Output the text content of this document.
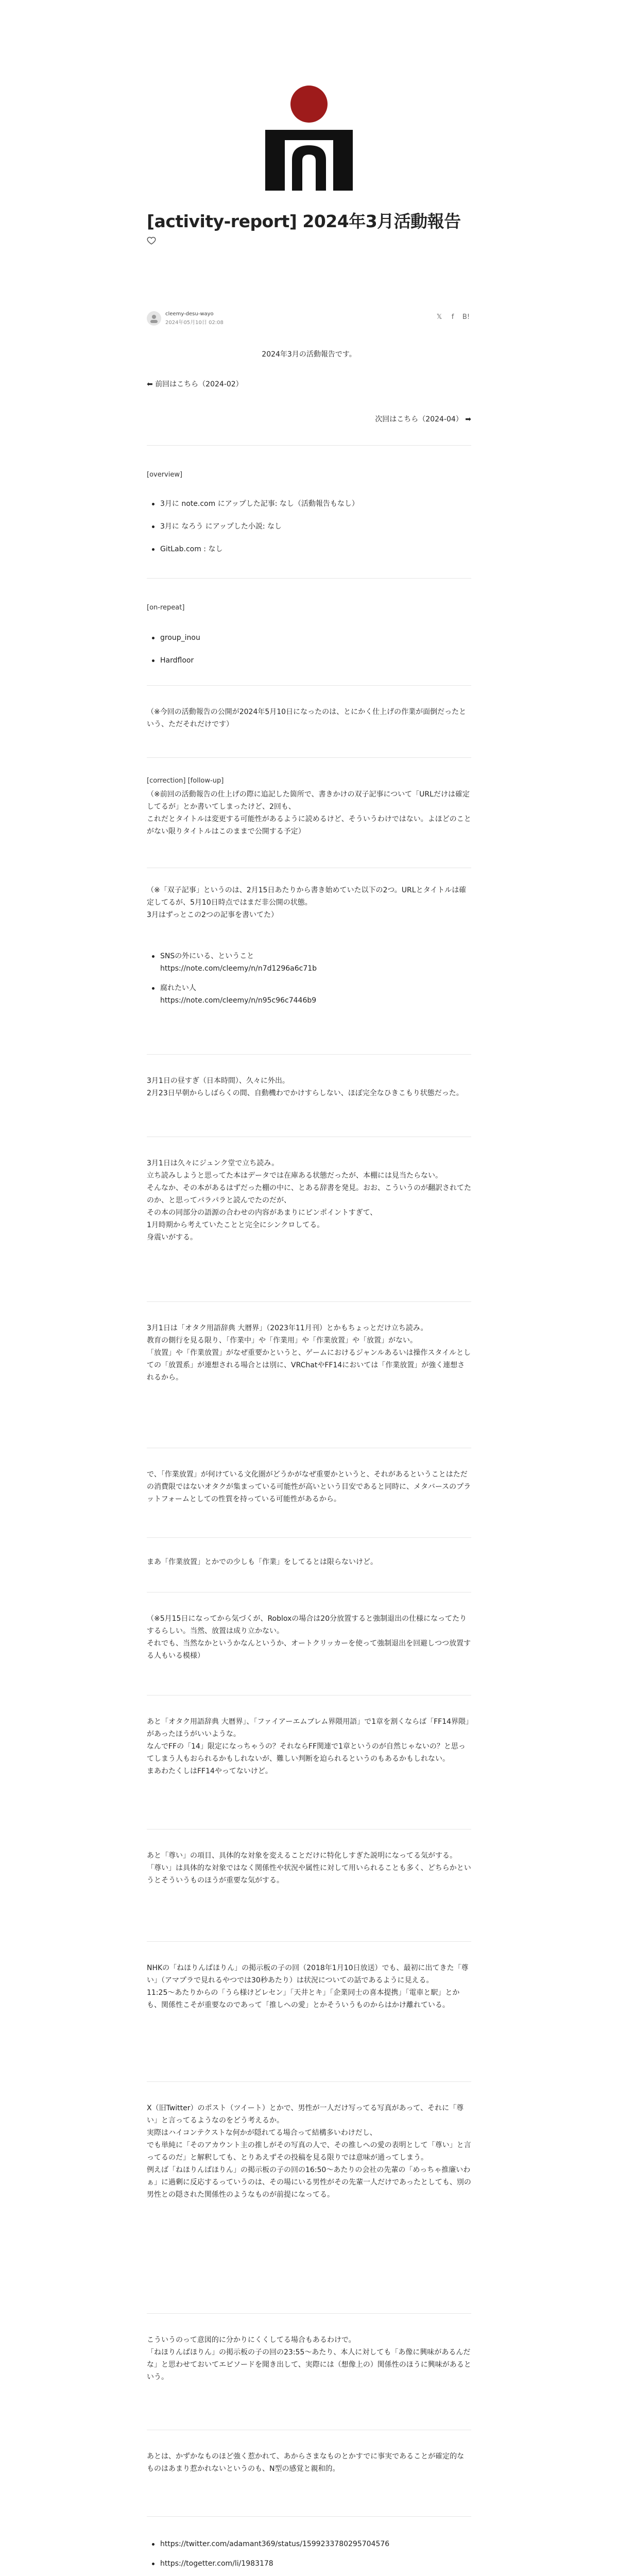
[activity-report] 2024年3月活動報告
cleemy-desu-wayo
2024年05月10日 02:08
𝕏	f	B!
2024年3月の活動報告です。
⬅ 前回はこちら（2024-02）
次回はこちら（2024-04） ➡
[overview]
3月に note.com にアップした記事: なし（活動報告もなし）
3月に なろう にアップした小説: なし
GitLab.com : なし
[on-repeat]
group_inou
Hardfloor
（※今回の活動報告の公開が2024年5月10日になったのは、とにかく仕上げの作業が面倒だったという、ただそれだけです）
[correction] [follow-up]

（※前回の活動報告の仕上げの際に追記した箇所で、書きかけの双子記事について「URLだけは確定してるが」とか書いてしまったけど、2回も、

これだとタイトルは変更する可能性があるように読めるけど、そういうわけではない。よほどのことがない限りタイトルはこのままで公開する予定）

（※「双子記事」というのは、2月15日あたりから書き始めていた以下の2つ。URLとタイトルは確定してるが、5月10日時点ではまだ非公開の状態。

3月はずっとこの2つの記事を書いてた）

SNSの外にいる、ということ
https://note.com/cleemy/n/n7d1296a6c71b
腐れたい人
https://note.com/cleemy/n/n95c96c7446b9

3月1日の昼すぎ（日本時間）、久々に外出。

2月23日早朝からしばらくの間、自動機わでかけすらしない、ほぼ完全なひきこもり状態だった。

3月1日は久々にジュンク堂で立ち読み。

立ち読みしようと思ってた本はデータでは在庫ある状態だったが、本棚には見当たらない。

そんなか、その本があるはずだった棚の中に、とある辞書を発見。おお、こういうのが翻訳されてたのか、と思ってパラパラと読んでたのだが、

その本の同部分の語源の合わせの内容があまりにピンポイントすぎて、

1月時期から考えていたことと完全にシンクロしてる。

身震いがする。

3月1日は「オタク用語辞典 大暦界」（2023年11月刊）とかもちょっとだけ立ち読み。

教育の側行を見る限り、「作業中」や「作業用」や「作業放置」や「放置」がない。

「放置」や「作業放置」がなぜ重要かというと、ゲームにおけるジャンルあるいは操作スタイルとしての「放置系」が連想される場合とは別に、VRChatやFF14においては「作業放置」が強く連想されるから。

で、「作業放置」が何けている文化圏がどうかがなぜ重要かというと、それがあるということはただの消費限ではないオタクが集まっている可能性が高いという目安であると同時に、メタバースのプラットフォームとしての性質を持っている可能性があるから。
まあ「作業放置」とかでの少しも「作業」をしてるとは限らないけど。

（※5月15日になってから気づくが、Robloxの場合は20分放置すると強制退出の仕様になってたりするらしい。当然、放置は成り立かない。

それでも、当然なかというかなんというか、オートクリッカーを使って強制退出を回避しつつ放置する人もいる模様）

あと「オタク用語辞典 大暦界」、「ファイアーエムブレム界隈用語」で1章を割くならば「FF14界隈」があったほうがいいような。

なんでFFの「14」限定になっちゃうの？それならFF関連で1章というのが自然じゃないの？と思ってしまう人もおられるかもしれないが、難しい判断を迫られるというのもあるかもしれない。

まあわたくしはFF14やってないけど。

あと「尊い」の項目、具体的な対象を変えることだけに特化しすぎた説明になってる気がする。

「尊い」は具体的な対象ではなく関係性や状況や属性に対して用いられることも多く、どちらかというとそういうものほうが重要な気がする。

NHKの「ねほりんぱほりん」の掲示板の子の回（2018年1月10日放送）でも、最初に出てきた「尊い」（アマプラで見れるやつでは30秒あたり）は状況についての話であるように見える。

11:25〜あたりからの「うら様けどレセン」「天井とキ」「企業同士の喜本提携」「電車と駅」とかも、関係性こそが重要なのであって「推しへの愛」とかそういうものからはかけ離れている。

X（旧Twitter）のポスト（ツイート）とかで、男性が一人だけ写ってる写真があって、それに「尊い」と言ってるようなのをどう考えるか。

実際はハイコンテクストな何かが隠れてる場合って結構多いわけだし、

でも単純に「そのアカウント主の推しがその写真の人で、その推しへの愛の表明として「尊い」と言ってるのだ」と解釈しても、とりあえずその投稿を見る限りでは意味が通ってしまう。

例えば「ねほりんぱほりん」の掲示板の子の回の16:50〜あたりの会社の先輩の「めっちゃ推廉いわぁ」に過剰に反応するっていうのは、その場にいる男性がその先輩一人だけであったとしても、別の男性との隠された関係性のようなものが前提になってる。

こういうのって意図的に分かりにくくしてる場合もあるわけで。

「ねほりんぱほりん」の掲示板の子の回の23:55〜あたり、本人に対しても「あ像に興味があるんだな」と思わせておいてエピソードを聞き出して、実際には（想像上の）関係性のほうに興味があるという。

あとは、かずかなものほど強く惹かれて、あからさまなものとかすでに事実であることが確定的なものはあまり惹かれないというのも、N型の感覚と親和的。
https://twitter.com/adamant369/status/1599233780295704576
https://togetter.com/li/1983178
